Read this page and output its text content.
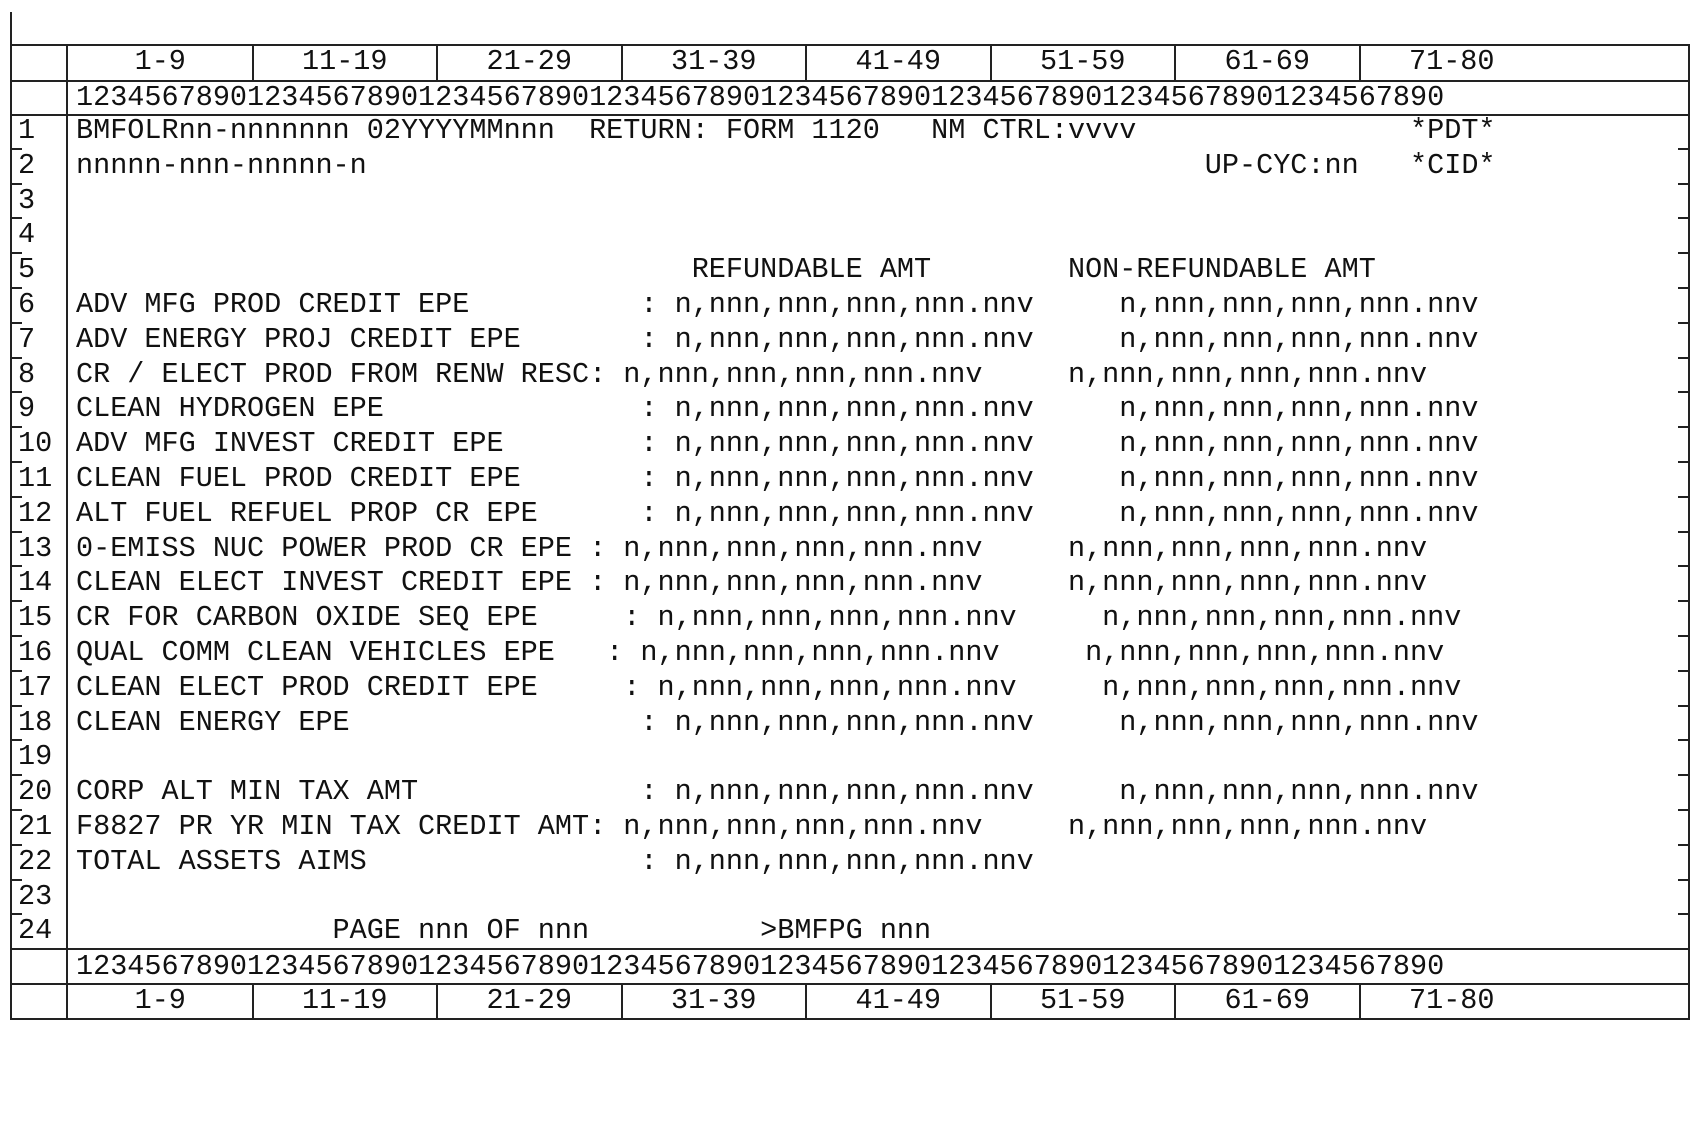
1-9	11-19	21-29	31-39	41-49	51-59	61-69	71-80
12345678901234567890123456789012345678901234567890123456789012345678901234567890
1 BMFOLRnn-nnnnnnn 02YYYYMMnnn  RETURN: FORM 1120   NM CTRL:vvvv                *PDT*
2 nnnnn-nnn-nnnnn-n                                                 UP-CYC:nn   *CID*
3
4
5 REFUNDABLE AMT        NON-REFUNDABLE AMT
6 ADV MFG PROD CREDIT EPE          : n,nnn,nnn,nnn,nnn.nnv     n,nnn,nnn,nnn,nnn.nnv
7 ADV ENERGY PROJ CREDIT EPE       : n,nnn,nnn,nnn,nnn.nnv     n,nnn,nnn,nnn,nnn.nnv
8 CR / ELECT PROD FROM RENW RESC: n,nnn,nnn,nnn,nnn.nnv     n,nnn,nnn,nnn,nnn.nnv
9 CLEAN HYDROGEN EPE               : n,nnn,nnn,nnn,nnn.nnv     n,nnn,nnn,nnn,nnn.nnv
10 ADV MFG INVEST CREDIT EPE        : n,nnn,nnn,nnn,nnn.nnv     n,nnn,nnn,nnn,nnn.nnv
11 CLEAN FUEL PROD CREDIT EPE       : n,nnn,nnn,nnn,nnn.nnv     n,nnn,nnn,nnn,nnn.nnv
12 ALT FUEL REFUEL PROP CR EPE      : n,nnn,nnn,nnn,nnn.nnv     n,nnn,nnn,nnn,nnn.nnv
13 0-EMISS NUC POWER PROD CR EPE : n,nnn,nnn,nnn,nnn.nnv     n,nnn,nnn,nnn,nnn.nnv
14 CLEAN ELECT INVEST CREDIT EPE : n,nnn,nnn,nnn,nnn.nnv     n,nnn,nnn,nnn,nnn.nnv
15 CR FOR CARBON OXIDE SEQ EPE     : n,nnn,nnn,nnn,nnn.nnv     n,nnn,nnn,nnn,nnn.nnv
16 QUAL COMM CLEAN VEHICLES EPE   : n,nnn,nnn,nnn,nnn.nnv     n,nnn,nnn,nnn,nnn.nnv
17 CLEAN ELECT PROD CREDIT EPE     : n,nnn,nnn,nnn,nnn.nnv     n,nnn,nnn,nnn,nnn.nnv
18 CLEAN ENERGY EPE                 : n,nnn,nnn,nnn,nnn.nnv     n,nnn,nnn,nnn,nnn.nnv
19
20 CORP ALT MIN TAX AMT             : n,nnn,nnn,nnn,nnn.nnv     n,nnn,nnn,nnn,nnn.nnv
21 F8827 PR YR MIN TAX CREDIT AMT: n,nnn,nnn,nnn,nnn.nnv     n,nnn,nnn,nnn,nnn.nnv
22 TOTAL ASSETS AIMS                : n,nnn,nnn,nnn,nnn.nnv
23
24 PAGE nnn OF nnn          >BMFPG nnn
12345678901234567890123456789012345678901234567890123456789012345678901234567890
1-9	11-19	21-29	31-39	41-49	51-59	61-69	71-80
